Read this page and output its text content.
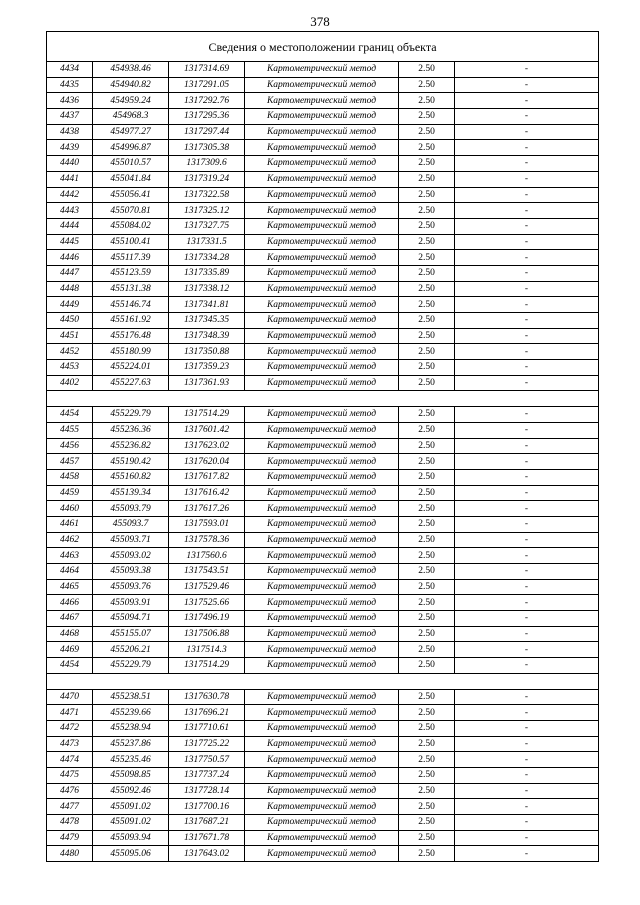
378
Сведения о местоположении границ объекта					
4434	454938.46	1317314.69	Картометрический метод	2.50	-
4435	454940.82	1317291.05	Картометрический метод	2.50	-
4436	454959.24	1317292.76	Картометрический метод	2.50	-
4437	454968.3	1317295.36	Картометрический метод	2.50	-
4438	454977.27	1317297.44	Картометрический метод	2.50	-
4439	454996.87	1317305.38	Картометрический метод	2.50	-
4440	455010.57	1317309.6	Картометрический метод	2.50	-
4441	455041.84	1317319.24	Картометрический метод	2.50	-
4442	455056.41	1317322.58	Картометрический метод	2.50	-
4443	455070.81	1317325.12	Картометрический метод	2.50	-
4444	455084.02	1317327.75	Картометрический метод	2.50	-
4445	455100.41	1317331.5	Картометрический метод	2.50	-
4446	455117.39	1317334.28	Картометрический метод	2.50	-
4447	455123.59	1317335.89	Картометрический метод	2.50	-
4448	455131.38	1317338.12	Картометрический метод	2.50	-
4449	455146.74	1317341.81	Картометрический метод	2.50	-
4450	455161.92	1317345.35	Картометрический метод	2.50	-
4451	455176.48	1317348.39	Картометрический метод	2.50	-
4452	455180.99	1317350.88	Картометрический метод	2.50	-
4453	455224.01	1317359.23	Картометрический метод	2.50	-
4402	455227.63	1317361.93	Картометрический метод	2.50	-

4454	455229.79	1317514.29	Картометрический метод	2.50	-
4455	455236.36	1317601.42	Картометрический метод	2.50	-
4456	455236.82	1317623.02	Картометрический метод	2.50	-
4457	455190.42	1317620.04	Картометрический метод	2.50	-
4458	455160.82	1317617.82	Картометрический метод	2.50	-
4459	455139.34	1317616.42	Картометрический метод	2.50	-
4460	455093.79	1317617.26	Картометрический метод	2.50	-
4461	455093.7	1317593.01	Картометрический метод	2.50	-
4462	455093.71	1317578.36	Картометрический метод	2.50	-
4463	455093.02	1317560.6	Картометрический метод	2.50	-
4464	455093.38	1317543.51	Картометрический метод	2.50	-
4465	455093.76	1317529.46	Картометрический метод	2.50	-
4466	455093.91	1317525.66	Картометрический метод	2.50	-
4467	455094.71	1317496.19	Картометрический метод	2.50	-
4468	455155.07	1317506.88	Картометрический метод	2.50	-
4469	455206.21	1317514.3	Картометрический метод	2.50	-
4454	455229.79	1317514.29	Картометрический метод	2.50	-

4470	455238.51	1317630.78	Картометрический метод	2.50	-
4471	455239.66	1317696.21	Картометрический метод	2.50	-
4472	455238.94	1317710.61	Картометрический метод	2.50	-
4473	455237.86	1317725.22	Картометрический метод	2.50	-
4474	455235.46	1317750.57	Картометрический метод	2.50	-
4475	455098.85	1317737.24	Картометрический метод	2.50	-
4476	455092.46	1317728.14	Картометрический метод	2.50	-
4477	455091.02	1317700.16	Картометрический метод	2.50	-
4478	455091.02	1317687.21	Картометрический метод	2.50	-
4479	455093.94	1317671.78	Картометрический метод	2.50	-
4480	455095.06	1317643.02	Картометрический метод	2.50	-
